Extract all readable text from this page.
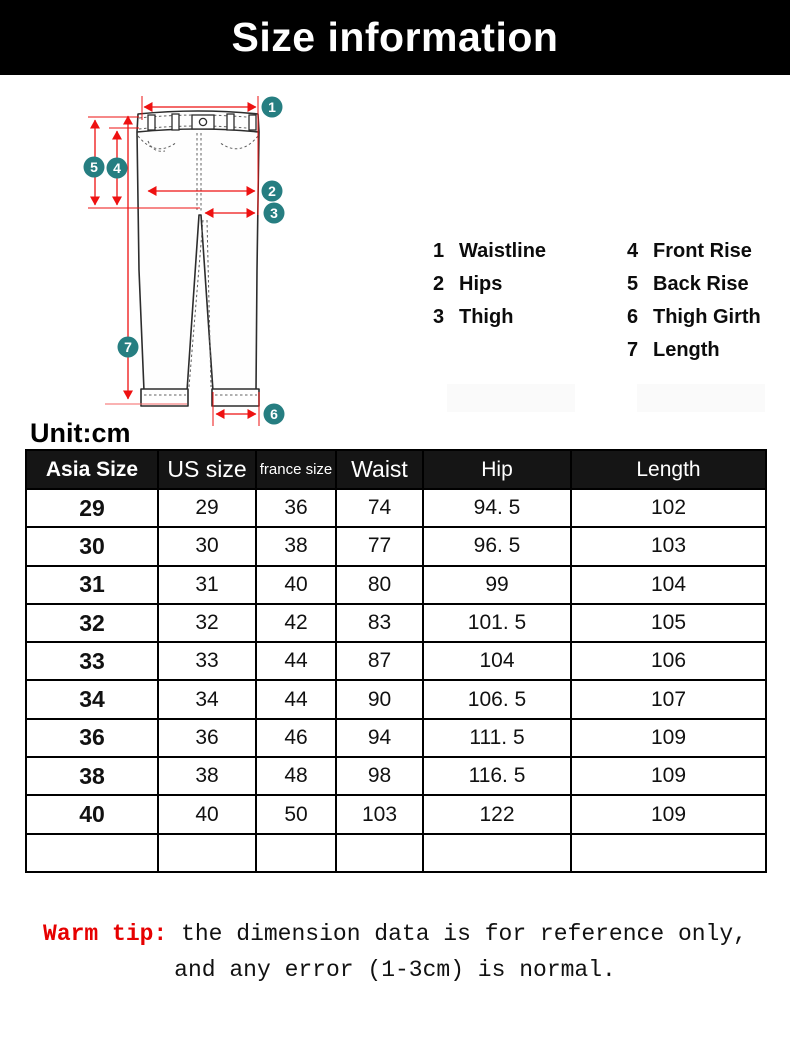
Size information
1
2
3
4
5
6
7
1 Waistline
2 Hips
3 Thigh
4 Front Rise
5 Back Rise
6 Thigh Girth
7 Length
Unit:cm
Asia Size	US size	france size	Waist	Hip	Length
29	29	36	74	94. 5	102
30	30	38	77	96. 5	103
31	31	40	80	99	104
32	32	42	83	101. 5	105
33	33	44	87	104	106
34	34	44	90	106. 5	107
36	36	46	94	111. 5	109
38	38	48	98	116. 5	109
40	40	50	103	122	109

Warm tip: the dimension data is for reference only,
and any error (1-3cm) is normal.
